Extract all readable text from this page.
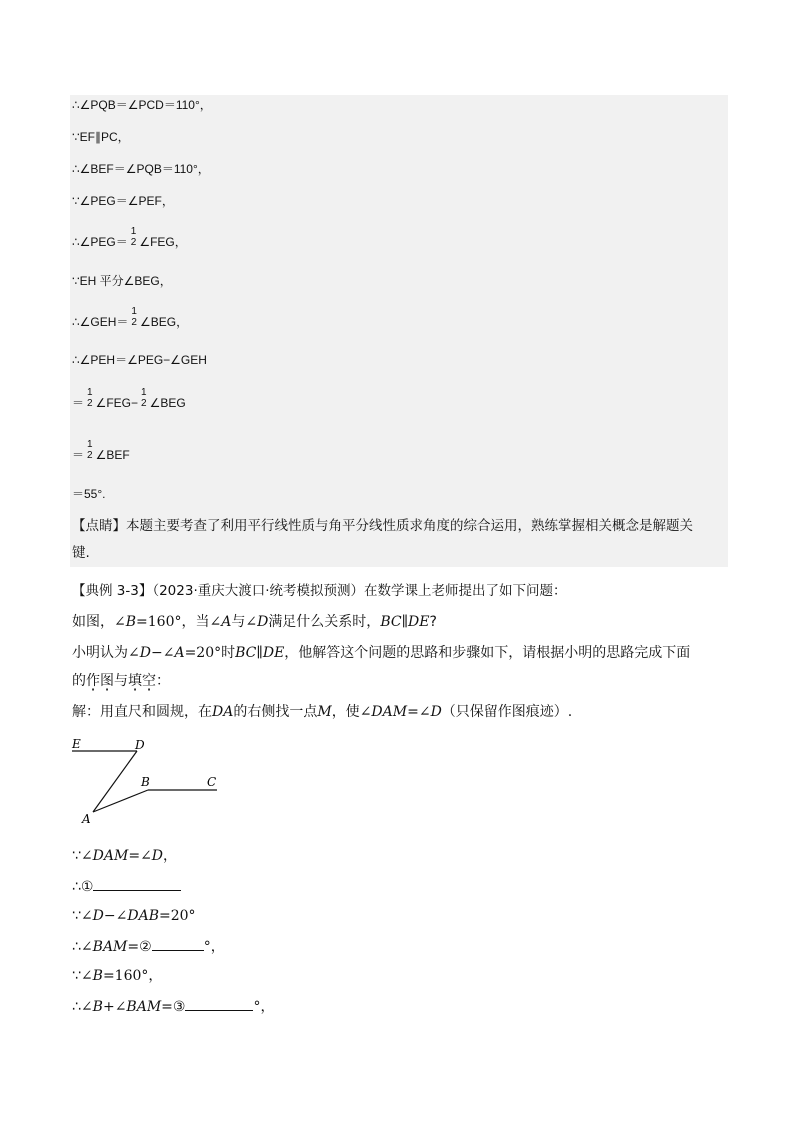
∴∠PQB＝∠PCD＝110°，
∵EF∥PC，
∴∠BEF＝∠PQB＝110°，
∵∠PEG＝∠PEF，
∴∠PEG＝
1
2 ∠FEG，
∵EH 平分∠BEG，
∴∠GEH＝
1
2 ∠BEG，
∴∠PEH＝∠PEG−∠GEH
＝
1
2 ∠FEG−
1
2 ∠BEG
＝
1
2 ∠BEF
＝55°.
【点睛】本题主要考查了利用平行线性质与角平分线性质求角度的综合运用，熟练掌握相关概念是解题关
键.
【典例 3-3】（2023·重庆大渡口·统考模拟预测）在数学课上老师提出了如下问题：
如图，∠B=160°，当∠A与∠D满足什么关系时，BC∥DE?
小明认为∠D−∠A=20°时BC∥DE，他解答这个问题的思路和步骤如下，请根据小明的思路完成下面
的作图与填空：
解：用直尺和圆规，在DA的右侧找一点M，使∠DAM=∠D（只保留作图痕迹）.
E	D
B	C
A
∵∠DAM=∠D，
∴①
∵∠D−∠DAB=20°
∴∠BAM=②	°，
∵∠B=160°，
∴∠B+∠BAM=③	°，
